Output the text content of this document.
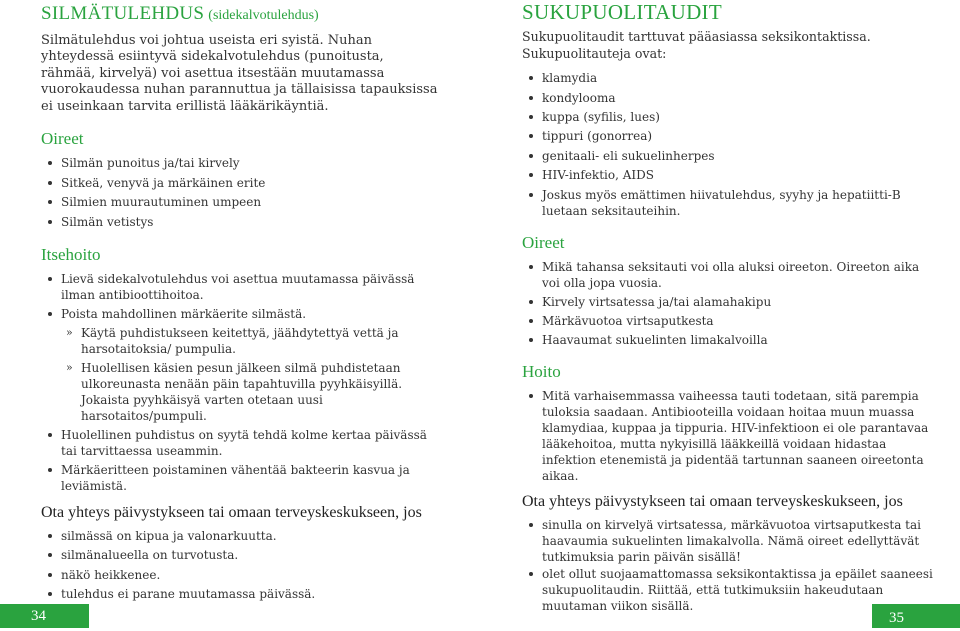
SILMÄTULEHDUS (sidekalvotulehdus)

Silmätulehdus voi johtua useista eri syistä. Nuhan yhteydessä esiintyvä sidekalvotulehdus (punoitusta, rähmää, kirvelyä) voi asettua itsestään muutamassa vuorokaudessa nuhan parannuttua ja tällaisissa tapauksissa ei useinkaan tarvita erillistä lääkärikäyntiä.

Oireet
Silmän punoitus ja/tai kirvely
Sitkeä, venyvä ja märkäinen erite
Silmien muurautuminen umpeen
Silmän vetistys
Itsehoito
Lievä sidekalvotulehdus voi asettua muutamassa päivässä ilman antibioottihoitoa.
Poista mahdollinen märkäerite silmästä.
» Käytä puhdistukseen keitettyä, jäähdytettyä vettä ja harsotaitoksia/ pumpulia.
» Huolellisen käsien pesun jälkeen silmä puhdistetaan ulkoreunasta nenään päin tapahtuvilla pyyhkäisyillä. Jokaista pyyhkäisyä varten otetaan uusi harsotaitos/pumpuli.
Huolellinen puhdistus on syytä tehdä kolme kertaa päivässä tai tarvittaessa useammin.
Märkäeritteen poistaminen vähentää bakteerin kasvua ja leviämistä.
Ota yhteys päivystykseen tai omaan terveyskeskukseen, jos
silmässä on kipua ja valonarkuutta.
silmänalueella on turvotusta.
näkö heikkenee.
tulehdus ei parane muutamassa päivässä.
SUKUPUOLITAUDIT

Sukupuolitaudit tarttuvat pääasiassa seksikontaktissa. Sukupuolitauteja ovat:

klamydia
kondylooma
kuppa (syfilis, lues)
tippuri (gonorrea)
genitaali- eli sukuelinherpes
HIV-infektio, AIDS
Joskus myös emättimen hiivatulehdus, syyhy ja hepatiitti-B luetaan seksitauteihin.
Oireet
Mikä tahansa seksitauti voi olla aluksi oireeton. Oireeton aika voi olla jopa vuosia.
Kirvely virtsatessa ja/tai alamahakipu
Märkävuotoa virtsaputkesta
Haavaumat sukuelinten limakalvoilla
Hoito
Mitä varhaisemmassa vaiheessa tauti todetaan, sitä parempia tuloksia saadaan. Antibiooteilla voidaan hoitaa muun muassa klamydiaa, kuppaa ja tippuria. HIV-infektioon ei ole parantavaa lääkehoitoa, mutta nykyisillä lääkkeillä voidaan hidastaa infektion etenemistä ja pidentää tartunnan saaneen oireetonta aikaa.
Ota yhteys päivystykseen tai omaan terveyskeskukseen, jos
sinulla on kirvelyä virtsatessa, märkävuotoa virtsaputkesta tai haavaumia sukuelinten limakalvolla. Nämä oireet edellyttävät tutkimuksia parin päivän sisällä!
olet ollut suojaamattomassa seksikontaktissa ja epäilet saaneesi sukupuolitaudin. Riittää, että tutkimuksiin hakeudutaan muutaman viikon sisällä.
34	35
